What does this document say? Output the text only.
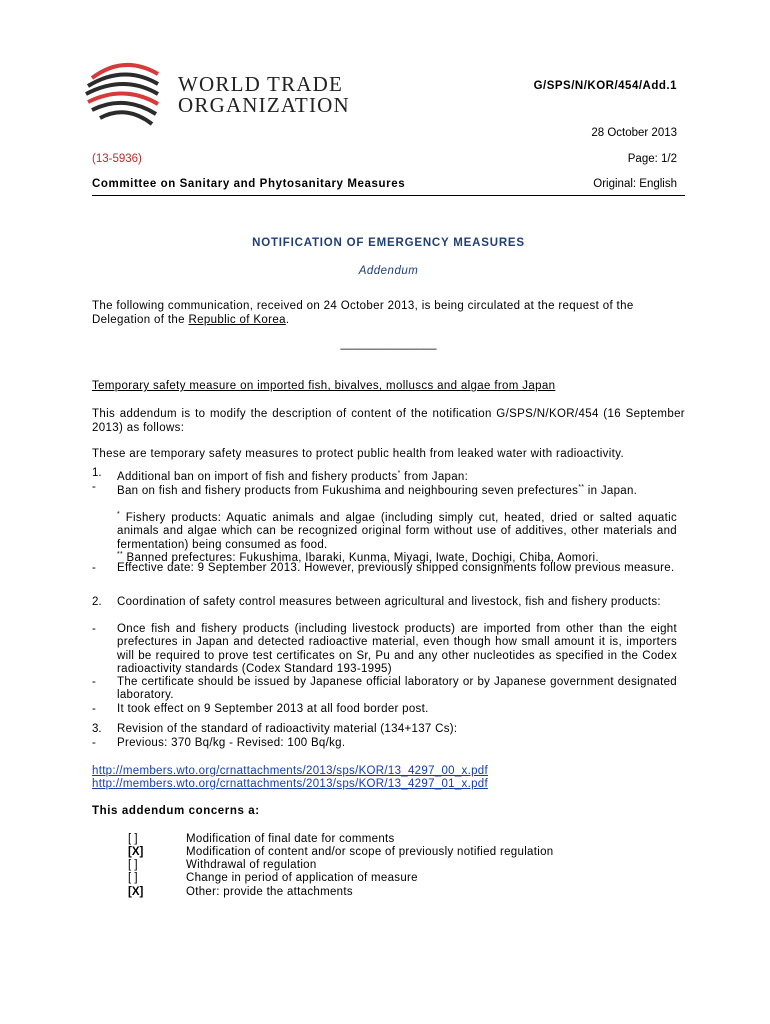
WORLD TRADE
ORGANIZATION
G/SPS/N/KOR/454/Add.1
28 October 2013
(13-5936)	Page: 1/2
Committee on Sanitary and Phytosanitary Measures	Original: English
NOTIFICATION OF EMERGENCY MEASURES
Addendum
The following communication, received on 24 October 2013, is being circulated at the request of the Delegation of the Republic of Korea.
_______________
Temporary safety measure on imported fish, bivalves, molluscs and algae from Japan
This addendum is to modify the description of content of the notification G/SPS/N/KOR/454 (16 September 2013) as follows:
These are temporary safety measures to protect public health from leaked water with radioactivity.
1. Additional ban on import of fish and fishery products* from Japan:
- Ban on fish and fishery products from Fukushima and neighbouring seven prefectures** in Japan.
* Fishery products: Aquatic animals and algae (including simply cut, heated, dried or salted aquatic animals and algae which can be recognized original form without use of additives, other materials and fermentation) being consumed as food.
** Banned prefectures: Fukushima, Ibaraki, Kunma, Miyagi, Iwate, Dochigi, Chiba, Aomori.
- Effective date: 9 September 2013. However, previously shipped consignments follow previous measure.
2. Coordination of safety control measures between agricultural and livestock, fish and fishery products:
- Once fish and fishery products (including livestock products) are imported from other than the eight prefectures in Japan and detected radioactive material, even though how small amount it is, importers will be required to prove test certificates on Sr, Pu and any other nucleotides as specified in the Codex radioactivity standards (Codex Standard 193-1995)
- The certificate should be issued by Japanese official laboratory or by Japanese government designated laboratory.
- It took effect on 9 September 2013 at all food border post.
3. Revision of the standard of radioactivity material (134+137 Cs):
- Previous: 370 Bq/kg - Revised: 100 Bq/kg.
http://members.wto.org/crnattachments/2013/sps/KOR/13_4297_00_x.pdf
http://members.wto.org/crnattachments/2013/sps/KOR/13_4297_01_x.pdf
This addendum concerns a:
[ ]	Modification of final date for comments
[X]	Modification of content and/or scope of previously notified regulation
[ ]	Withdrawal of regulation
[ ]	Change in period of application of measure
[X]	Other: provide the attachments
